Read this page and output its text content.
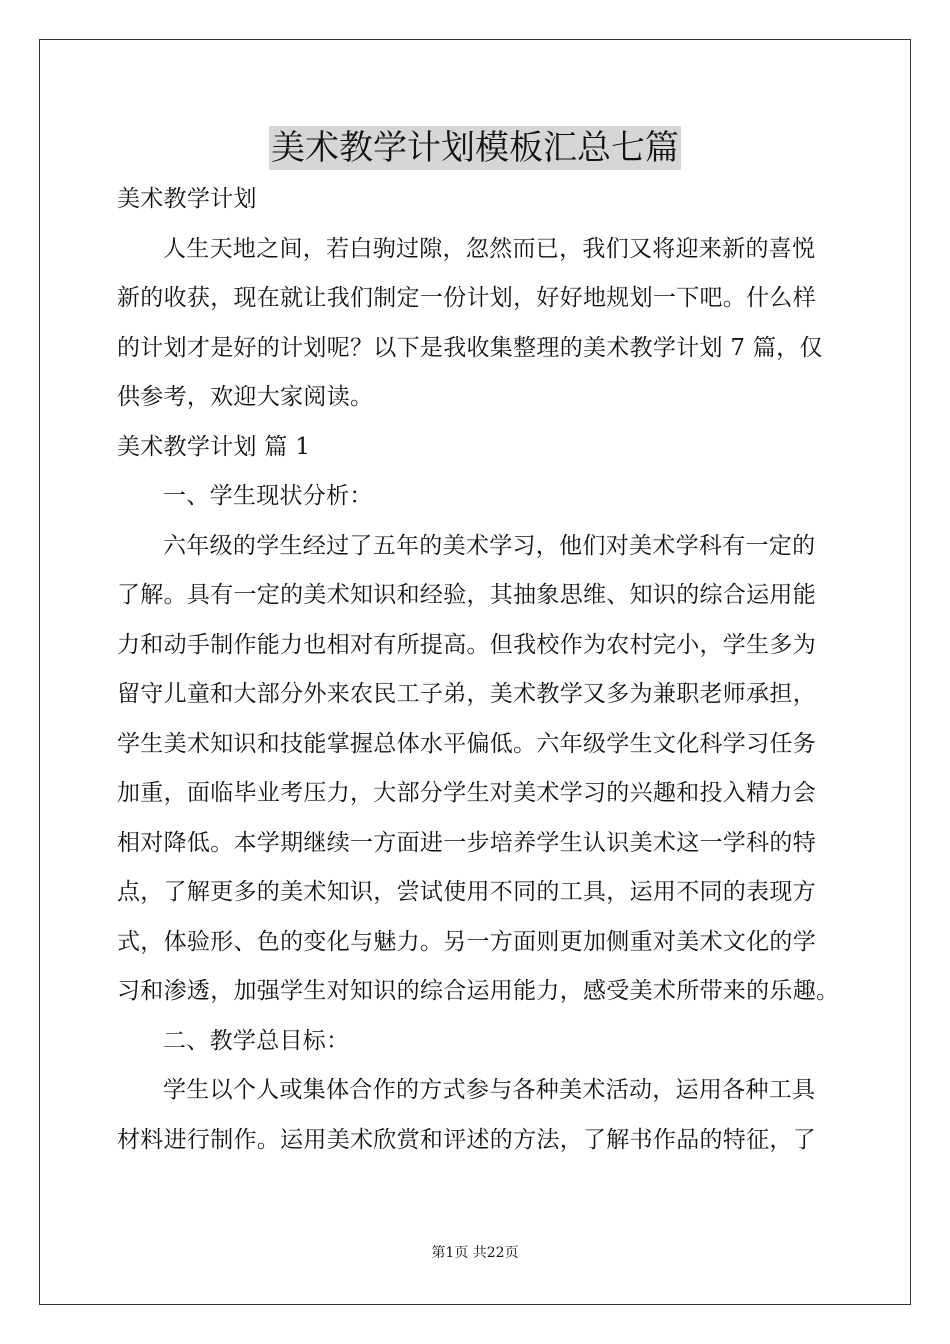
美术教学计划模板汇总七篇
美术教学计划
人生天地之间，若白驹过隙，忽然而已，我们又将迎来新的喜悦
新的收获，现在就让我们制定一份计划，好好地规划一下吧。什么样
的计划才是好的计划呢？以下是我收集整理的美术教学计划 7 篇，仅
供参考，欢迎大家阅读。
美术教学计划 篇 1
一、学生现状分析：
六年级的学生经过了五年的美术学习，他们对美术学科有一定的
了解。具有一定的美术知识和经验，其抽象思维、知识的综合运用能
力和动手制作能力也相对有所提高。但我校作为农村完小，学生多为
留守儿童和大部分外来农民工子弟，美术教学又多为兼职老师承担，
学生美术知识和技能掌握总体水平偏低。六年级学生文化科学习任务
加重，面临毕业考压力，大部分学生对美术学习的兴趣和投入精力会
相对降低。本学期继续一方面进一步培养学生认识美术这一学科的特
点，了解更多的美术知识，尝试使用不同的工具，运用不同的表现方
式，体验形、色的变化与魅力。另一方面则更加侧重对美术文化的学
习和渗透，加强学生对知识的综合运用能力，感受美术所带来的乐趣。
二、教学总目标：
学生以个人或集体合作的方式参与各种美术活动，运用各种工具
材料进行制作。运用美术欣赏和评述的方法，了解书作品的特征，了
第1页 共22页
